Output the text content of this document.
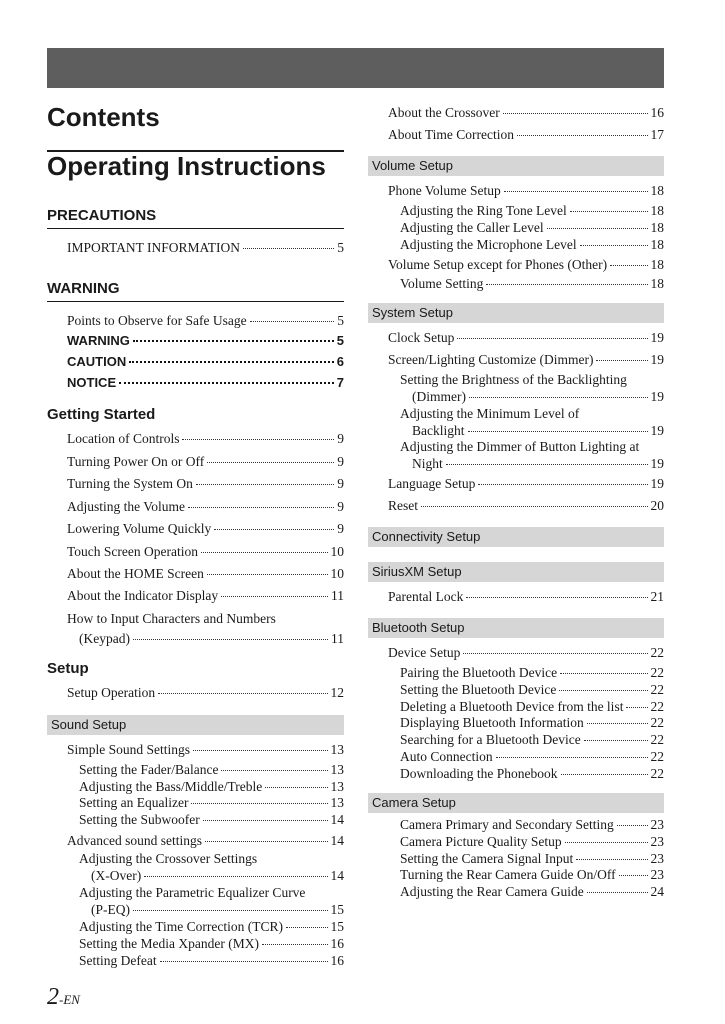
Contents
Operating Instructions
PRECAUTIONS
IMPORTANT INFORMATION	5
WARNING
Points to Observe for Safe Usage	5
WARNING	5
CAUTION	6
NOTICE	7
Getting Started
Location of Controls	9
Turning Power On or Off	9
Turning the System On	9
Adjusting the Volume	9
Lowering Volume Quickly	9
Touch Screen Operation	10
About the HOME Screen	10
About the Indicator Display	11
How to Input Characters and Numbers
(Keypad)	11
Setup
Setup Operation	12
Sound Setup
Simple Sound Settings	13
Setting the Fader/Balance	13
Adjusting the Bass/Middle/Treble	13
Setting an Equalizer	13
Setting the Subwoofer	14
Advanced sound settings	14
Adjusting the Crossover Settings
(X-Over)	14
Adjusting the Parametric Equalizer Curve
(P-EQ)	15
Adjusting the Time Correction (TCR)	15
Setting the Media Xpander (MX)	16
Setting Defeat	16
About the Crossover	16
About Time Correction	17
Volume Setup
Phone Volume Setup	18
Adjusting the Ring Tone Level	18
Adjusting the Caller Level	18
Adjusting the Microphone Level	18
Volume Setup except for Phones (Other)	18
Volume Setting	18
System Setup
Clock Setup	19
Screen/Lighting Customize (Dimmer)	19
Setting the Brightness of the Backlighting
(Dimmer)	19
Adjusting the Minimum Level of
Backlight	19
Adjusting the Dimmer of Button Lighting at
Night	19
Language Setup	19
Reset	20
Connectivity Setup
SiriusXM Setup
Parental Lock	21
Bluetooth Setup
Device Setup	22
Pairing the Bluetooth Device	22
Setting the Bluetooth Device	22
Deleting a Bluetooth Device from the list 22
Displaying Bluetooth Information	22
Searching for a Bluetooth Device	22
Auto Connection	22
Downloading the Phonebook	22
Camera Setup
Camera Primary and Secondary Setting	23
Camera Picture Quality Setup	23
Setting the Camera Signal Input	23
Turning the Rear Camera Guide On/Off	23
Adjusting the Rear Camera Guide	24
2-EN
